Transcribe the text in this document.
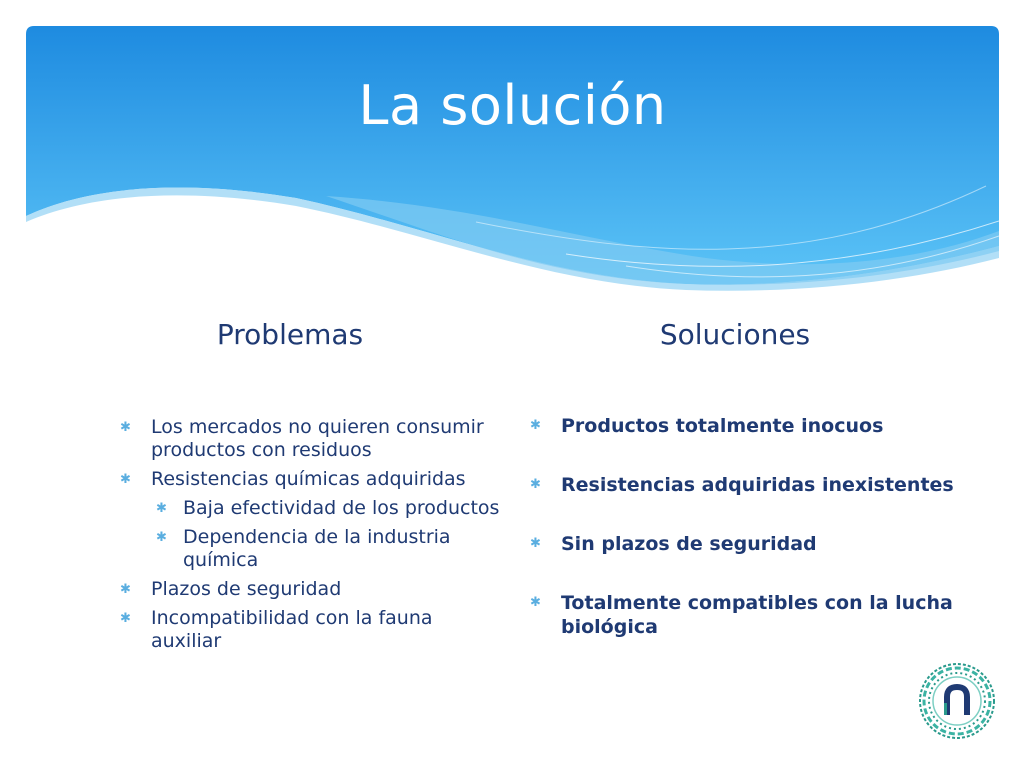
La solución
Problemas	Soluciones
✱ Los mercados no quieren consumir productos con residuos
✱ Resistencias químicas adquiridas
✱ Baja efectividad de los productos
✱ Dependencia de la industria química
✱ Plazos de seguridad
✱ Incompatibilidad con la fauna auxiliar
✱ Productos totalmente inocuos
✱ Resistencias adquiridas inexistentes
✱ Sin plazos de seguridad
✱ Totalmente compatibles con la lucha biológica
